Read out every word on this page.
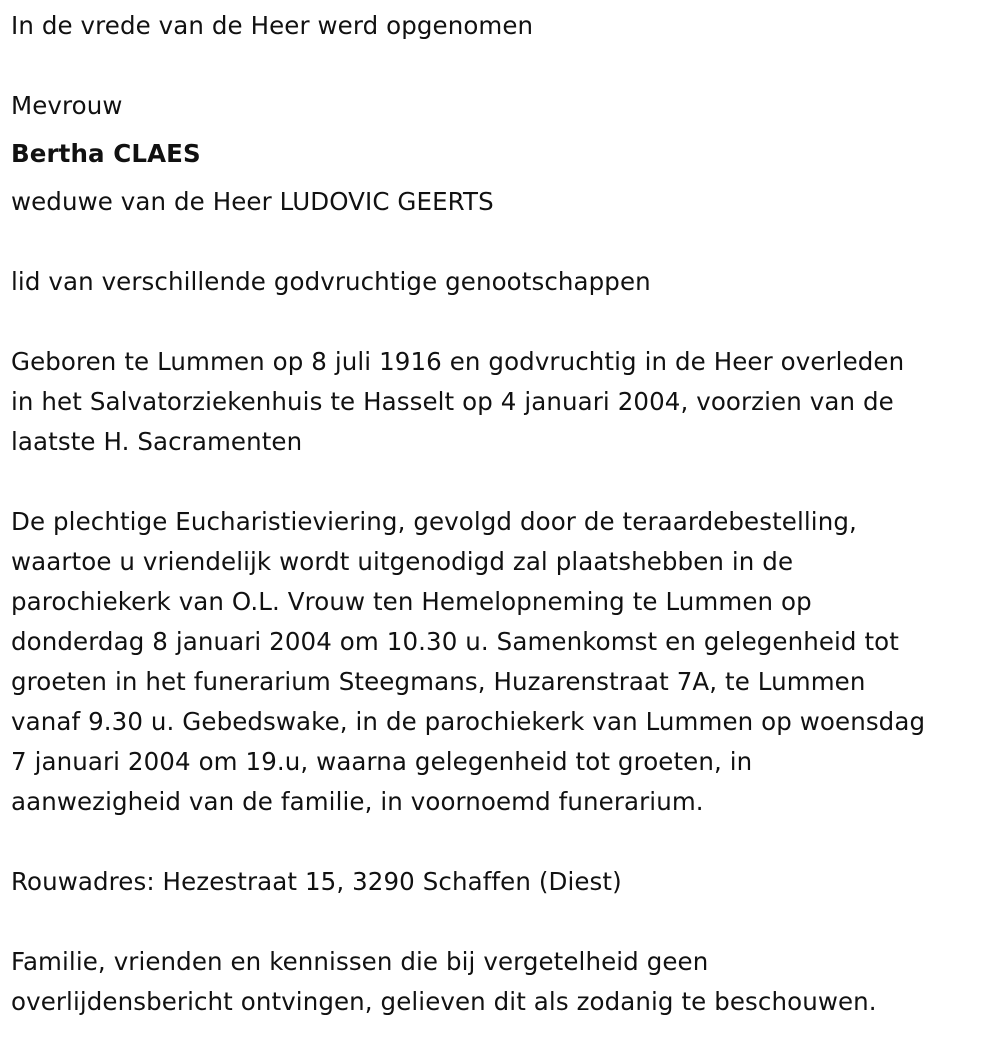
In de vrede van de Heer werd opgenomen

Mevrouw

Bertha CLAES

weduwe van de Heer LUDOVIC GEERTS

lid van verschillende godvruchtige genootschappen

Geboren te Lummen op 8 juli 1916 en godvruchtig in de Heer overleden
in het Salvatorziekenhuis te Hasselt op 4 januari 2004, voorzien van de
laatste H. Sacramenten
De plechtige Eucharistieviering, gevolgd door de teraardebestelling,
waartoe u vriendelijk wordt uitgenodigd zal plaatshebben in de
parochiekerk van O.L. Vrouw ten Hemelopneming te Lummen op
donderdag 8 januari 2004 om 10.30 u. Samenkomst en gelegenheid tot
groeten in het funerarium Steegmans, Huzarenstraat 7A, te Lummen
vanaf 9.30 u. Gebedswake, in de parochiekerk van Lummen op woensdag
7 januari 2004 om 19.u, waarna gelegenheid tot groeten, in
aanwezigheid van de familie, in voornoemd funerarium.

Rouwadres: Hezestraat 15, 3290 Schaffen (Diest)

Familie, vrienden en kennissen die bij vergetelheid geen
overlijdensbericht ontvingen, gelieven dit als zodanig te beschouwen.
